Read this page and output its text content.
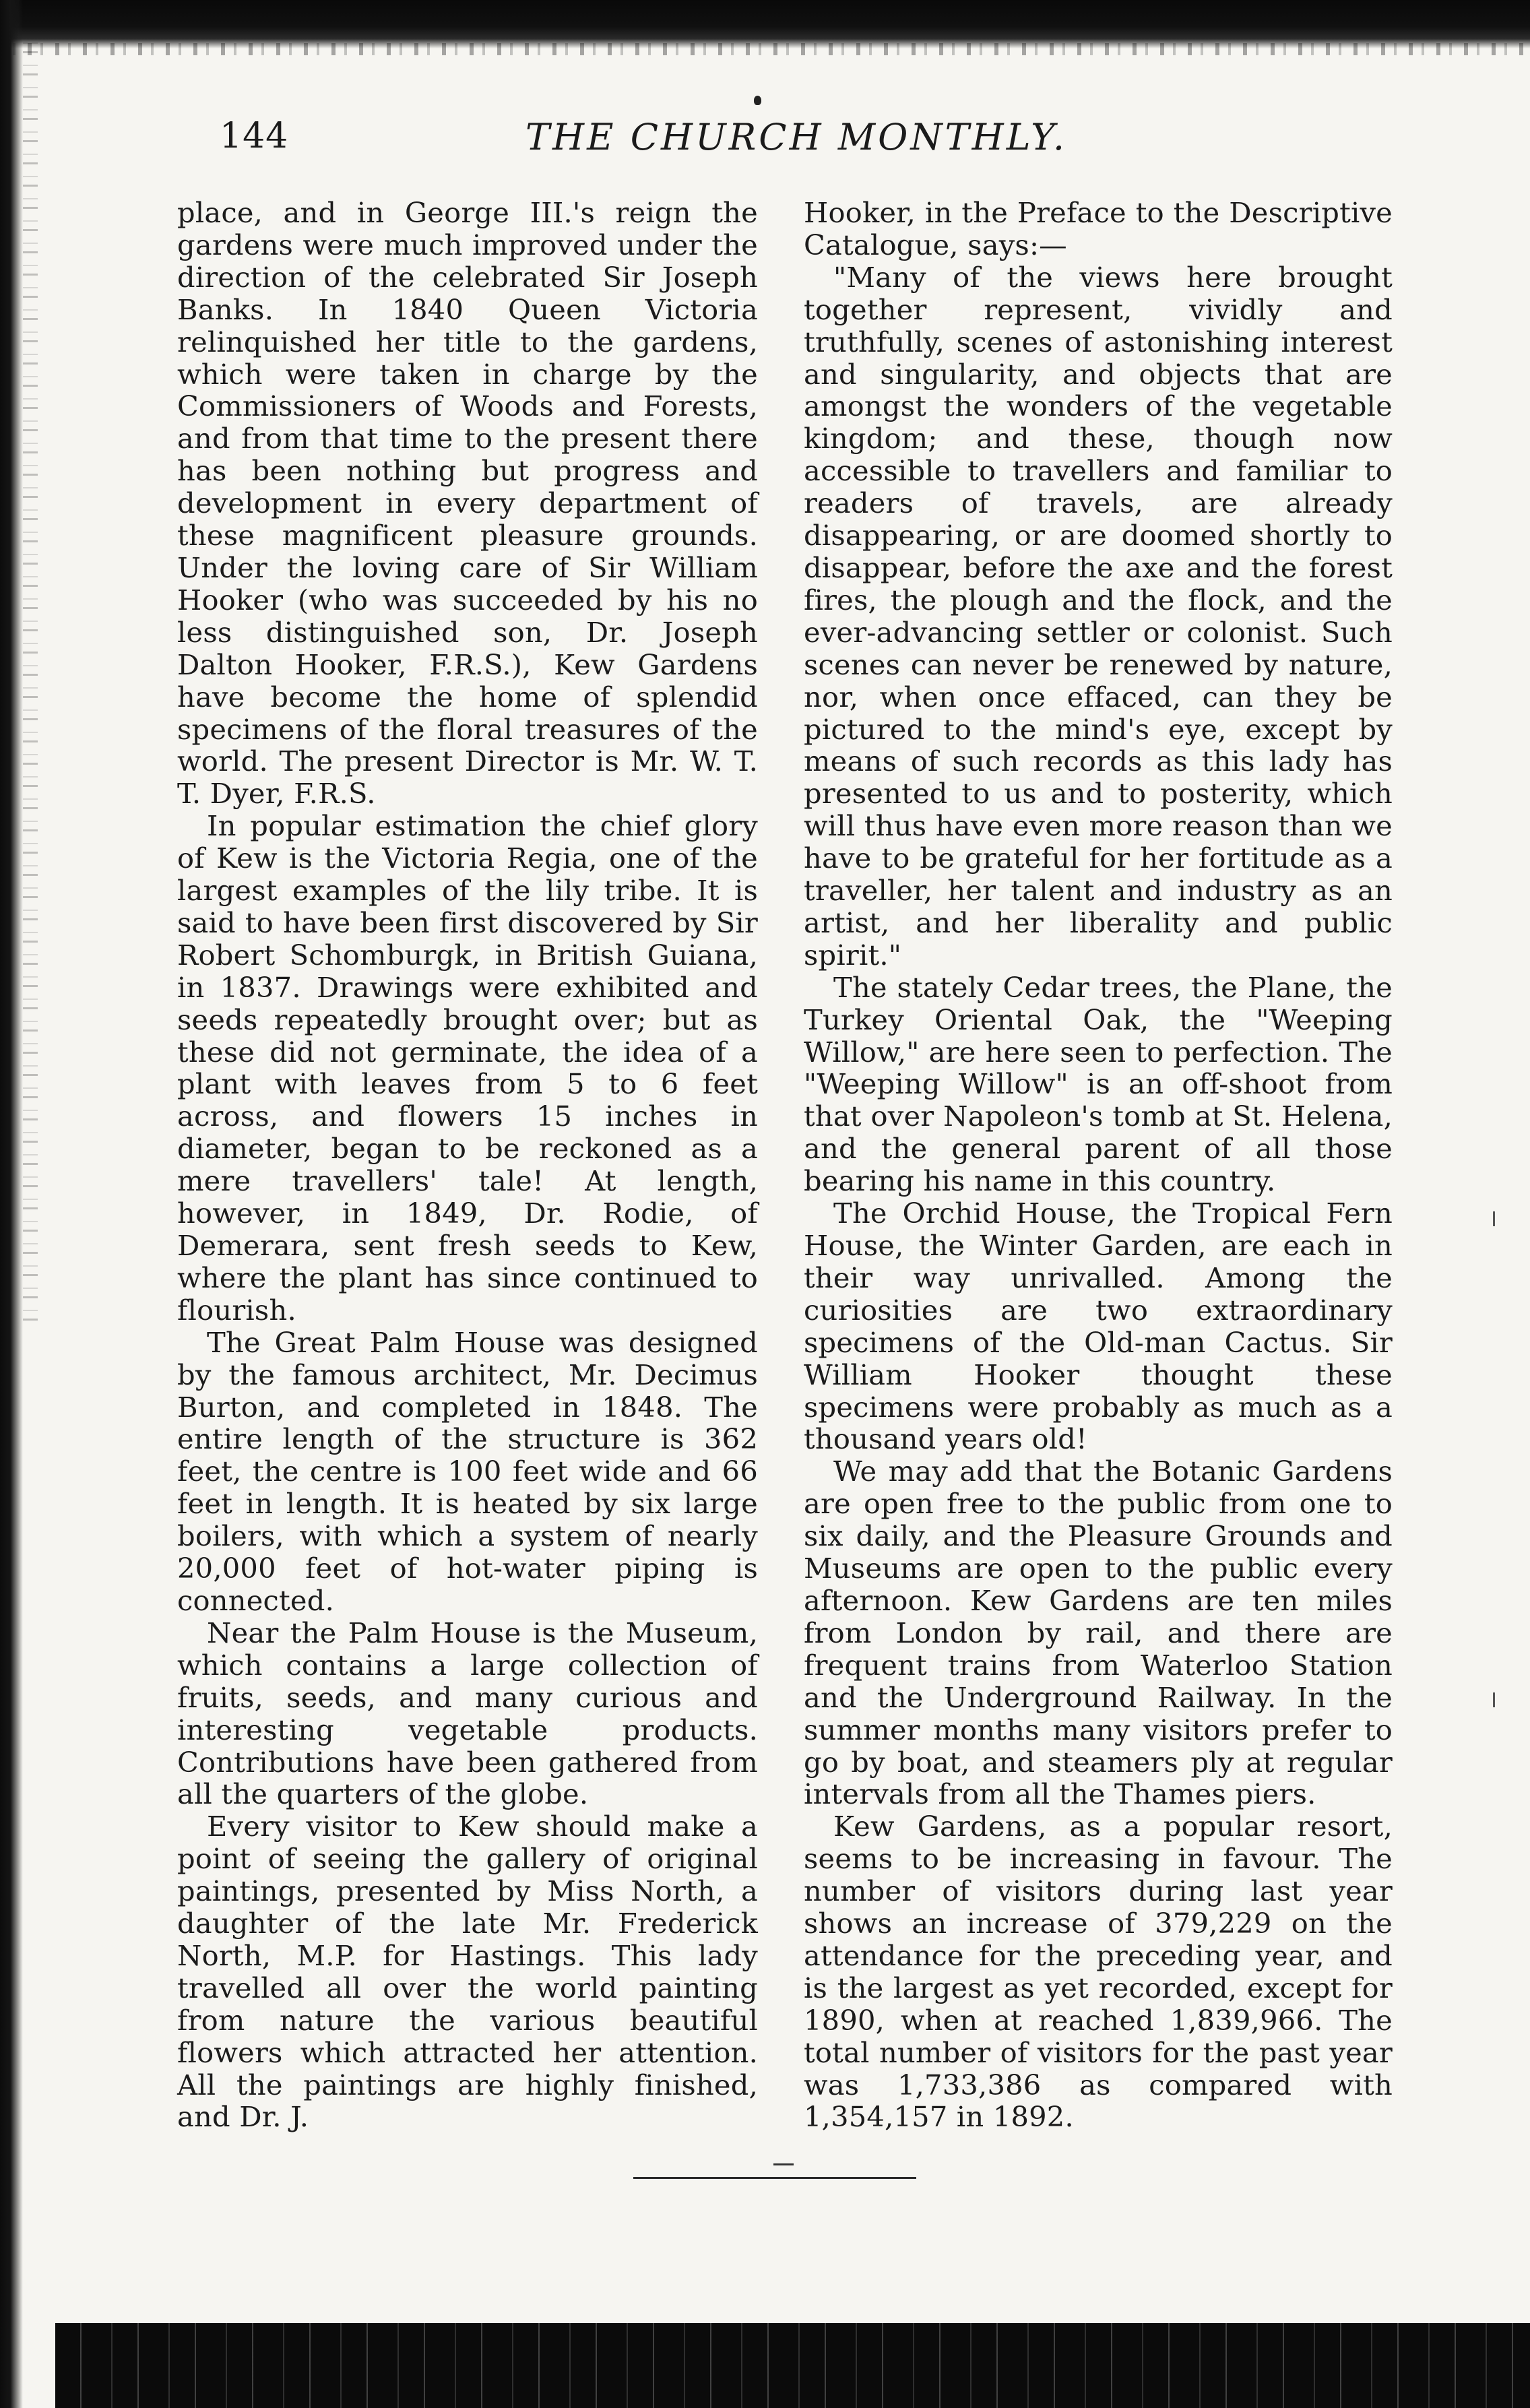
144	THE CHURCH MONTHLY.

place, and in George III.'s reign the gardens were much improved under the direction of the celebrated Sir Joseph Banks. In 1840 Queen Victoria relinquished her title to the gardens, which were taken in charge by the Commissioners of Woods and Forests, and from that time to the present there has been nothing but progress and development in every department of these magnificent pleasure grounds. Under the loving care of Sir William Hooker (who was succeeded by his no less distinguished son, Dr. Joseph Dalton Hooker, F.R.S.), Kew Gardens have become the home of splendid specimens of the floral treasures of the world. The present Director is Mr. W. T. T. Dyer, F.R.S.

In popular estimation the chief glory of Kew is the Victoria Regia, one of the largest examples of the lily tribe. It is said to have been first discovered by Sir Robert Schomburgk, in British Guiana, in 1837. Drawings were exhibited and seeds repeatedly brought over; but as these did not germinate, the idea of a plant with leaves from 5 to 6 feet across, and flowers 15 inches in diameter, began to be reckoned as a mere travellers' tale! At length, however, in 1849, Dr. Rodie, of Demerara, sent fresh seeds to Kew, where the plant has since continued to flourish.

The Great Palm House was designed by the famous architect, Mr. Decimus Burton, and completed in 1848. The entire length of the structure is 362 feet, the centre is 100 feet wide and 66 feet in length. It is heated by six large boilers, with which a system of nearly 20,000 feet of hot-water piping is connected.

Near the Palm House is the Museum, which contains a large collection of fruits, seeds, and many curious and interesting vegetable products. Contributions have been gathered from all the quarters of the globe.

Every visitor to Kew should make a point of seeing the gallery of original paintings, presented by Miss North, a daughter of the late Mr. Frederick North, M.P. for Hastings. This lady travelled all over the world painting from nature the various beautiful flowers which attracted her attention. All the paintings are highly finished, and Dr. J.

Hooker, in the Preface to the Descriptive Catalogue, says:—

"Many of the views here brought together represent, vividly and truthfully, scenes of astonishing interest and singularity, and objects that are amongst the wonders of the vegetable kingdom; and these, though now accessible to travellers and familiar to readers of travels, are already disappearing, or are doomed shortly to disappear, before the axe and the forest fires, the plough and the flock, and the ever-advancing settler or colonist. Such scenes can never be renewed by nature, nor, when once effaced, can they be pictured to the mind's eye, except by means of such records as this lady has presented to us and to posterity, which will thus have even more reason than we have to be grateful for her fortitude as a traveller, her talent and industry as an artist, and her liberality and public spirit."

The stately Cedar trees, the Plane, the Turkey Oriental Oak, the "Weeping Willow," are here seen to perfection. The "Weeping Willow" is an off-shoot from that over Napoleon's tomb at St. Helena, and the general parent of all those bearing his name in this country.

The Orchid House, the Tropical Fern House, the Winter Garden, are each in their way unrivalled. Among the curiosities are two extraordinary specimens of the Old-man Cactus. Sir William Hooker thought these specimens were probably as much as a thousand years old!

We may add that the Botanic Gardens are open free to the public from one to six daily, and the Pleasure Grounds and Museums are open to the public every afternoon. Kew Gardens are ten miles from London by rail, and there are frequent trains from Waterloo Station and the Underground Railway. In the summer months many visitors prefer to go by boat, and steamers ply at regular intervals from all the Thames piers.

Kew Gardens, as a popular resort, seems to be increasing in favour. The number of visitors during last year shows an increase of 379,229 on the attendance for the preceding year, and is the largest as yet recorded, except for 1890, when at reached 1,839,966. The total number of visitors for the past year was 1,733,386 as compared with 1,354,157 in 1892.
